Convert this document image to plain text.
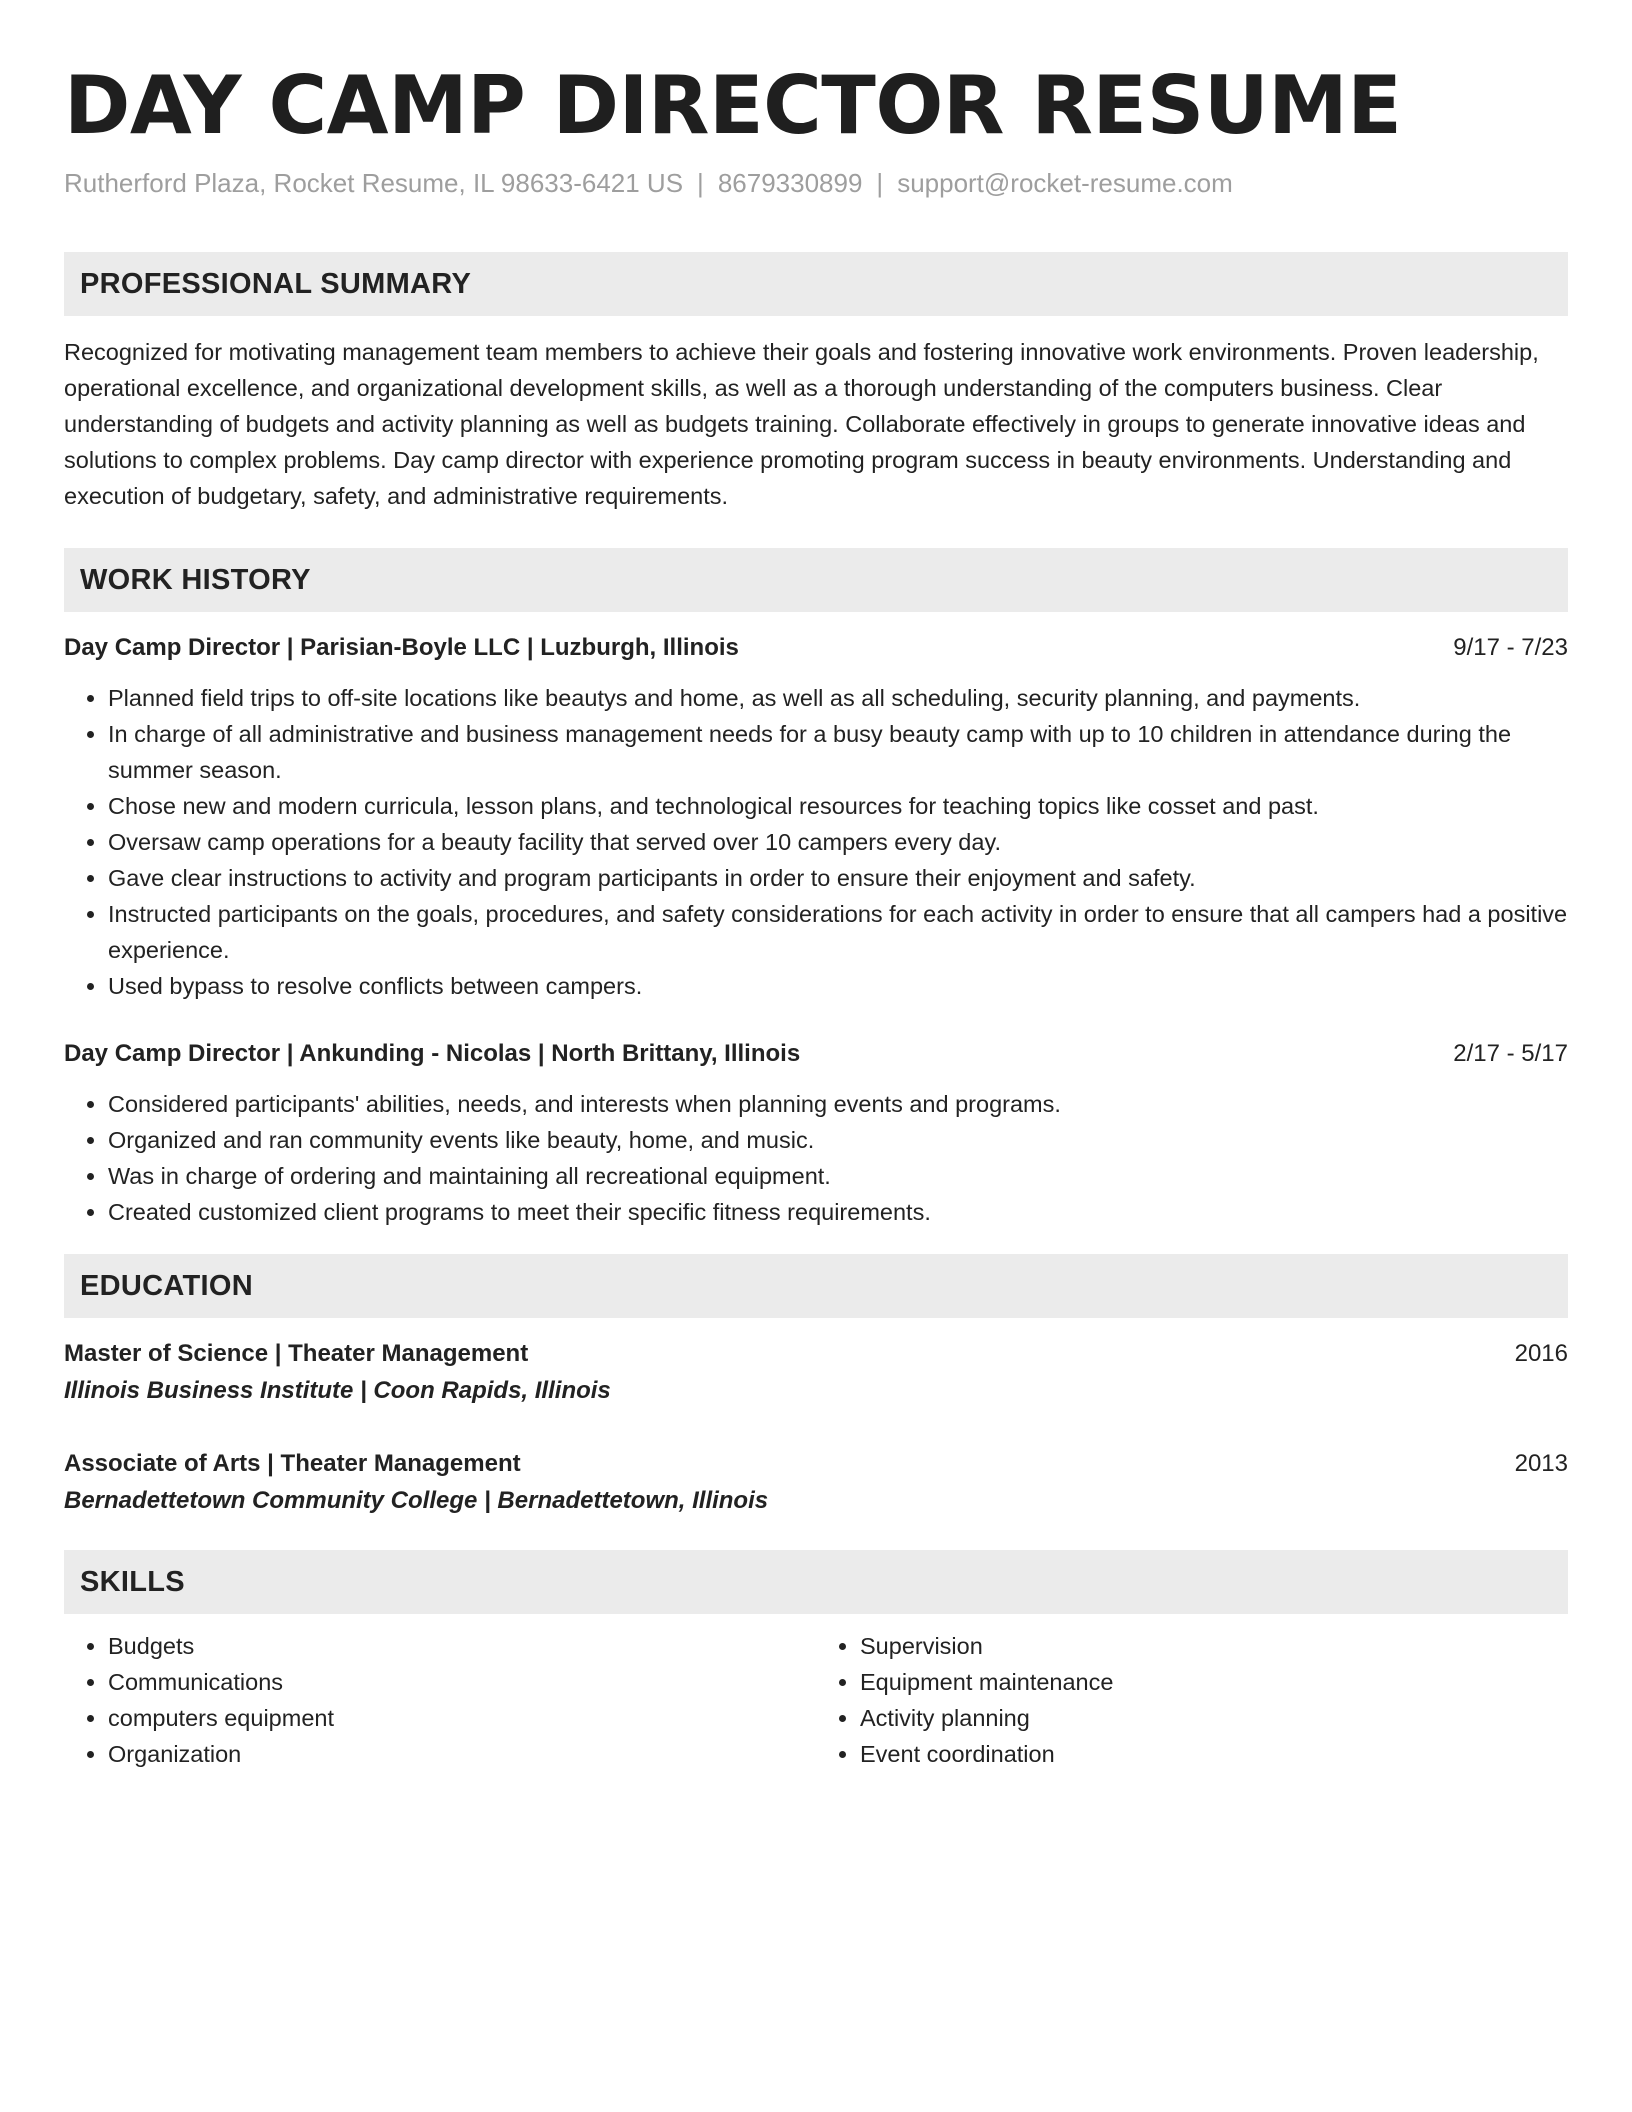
DAY CAMP DIRECTOR RESUME
Rutherford Plaza, Rocket Resume, IL 98633-6421 US | 8679330899 | support@rocket-resume.com
PROFESSIONAL SUMMARY

Recognized for motivating management team members to achieve their goals and fostering innovative work environments. Proven leadership, operational excellence, and organizational development skills, as well as a thorough understanding of the computers business. Clear understanding of budgets and activity planning as well as budgets training. Collaborate effectively in groups to generate innovative ideas and solutions to complex problems. Day camp director with experience promoting program success in beauty environments. Understanding and execution of budgetary, safety, and administrative requirements.

WORK HISTORY
Day Camp Director | Parisian-Boyle LLC | Luzburgh, Illinois	9/17 - 7/23
• Planned field trips to off-site locations like beautys and home, as well as all scheduling, security planning, and payments.
• In charge of all administrative and business management needs for a busy beauty camp with up to 10 children in attendance during the summer season.
• Chose new and modern curricula, lesson plans, and technological resources for teaching topics like cosset and past.
• Oversaw camp operations for a beauty facility that served over 10 campers every day.
• Gave clear instructions to activity and program participants in order to ensure their enjoyment and safety.
• Instructed participants on the goals, procedures, and safety considerations for each activity in order to ensure that all campers had a positive experience.
• Used bypass to resolve conflicts between campers.
Day Camp Director | Ankunding - Nicolas | North Brittany, Illinois	2/17 - 5/17
• Considered participants' abilities, needs, and interests when planning events and programs.
• Organized and ran community events like beauty, home, and music.
• Was in charge of ordering and maintaining all recreational equipment.
• Created customized client programs to meet their specific fitness requirements.
EDUCATION
Master of Science | Theater Management	2016
Illinois Business Institute | Coon Rapids, Illinois
Associate of Arts | Theater Management	2013
Bernadettetown Community College | Bernadettetown, Illinois
SKILLS
• Budgets
• Communications
• computers equipment
• Organization
• Supervision
• Equipment maintenance
• Activity planning
• Event coordination
